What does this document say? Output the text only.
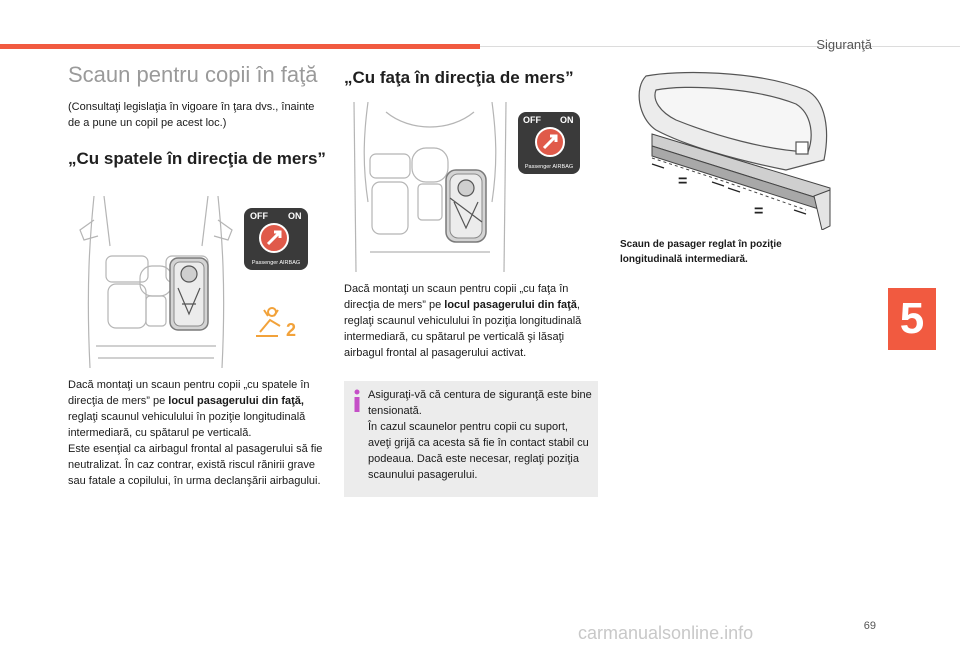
Siguranţă
Scaun pentru copii în faţă
(Consultaţi legislaţia în vigoare în ţara dvs., înainte de a pune un copil pe acest loc.)
„Cu spatele în direcţia de mers”
OFF ON
Passenger AIRBAG
2
Dacă montaţi un scaun pentru copii „cu spatele în direcţia de mers” pe locul pasagerului din faţă, reglaţi scaunul vehiculului în poziţie longitudinală intermediară, cu spătarul pe verticală.
Este esenţial ca airbagul frontal al pasagerului să fie neutralizat. În caz contrar, există riscul rănirii grave sau fatale a copilului, în urma declanşării airbagului.
„Cu faţa în direcţia de mers”
OFF ON
Passenger AIRBAG
Dacă montaţi un scaun pentru copii „cu faţa în direcţia de mers” pe locul pasagerului din faţă, reglaţi scaunul vehiculului în poziţia longitudinală intermediară, cu spătarul pe verticală şi lăsaţi airbagul frontal al pasagerului activat.
Asiguraţi-vă că centura de siguranţă este bine tensionată.
În cazul scaunelor pentru copii cu suport, aveţi grijă ca acesta să fie în contact stabil cu podeaua. Dacă este necesar, reglaţi poziţia scaunului pasagerului.
=
=
Scaun de pasager reglat în poziţie longitudinală intermediară.
5
69
carmanualsonline.info
